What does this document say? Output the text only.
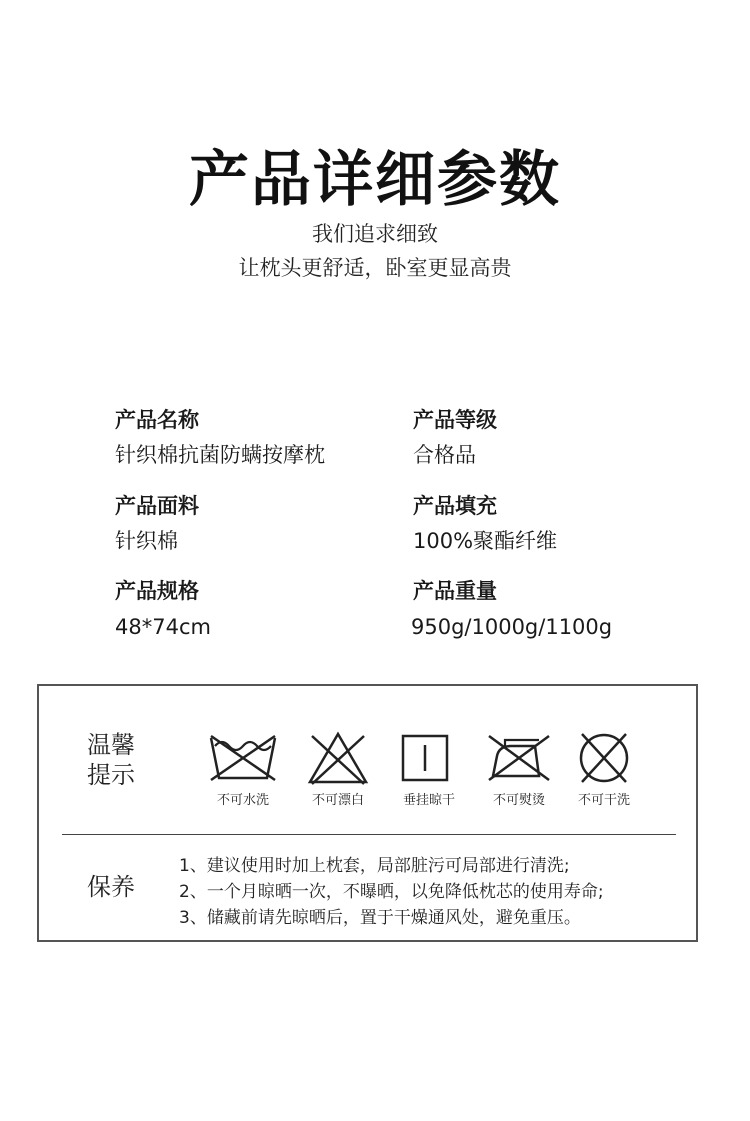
产品详细参数
我们追求细致
让枕头更舒适，卧室更显高贵
产品名称
针织棉抗菌防螨按摩枕
产品等级
合格品
产品面料
针织棉
产品填充
100%聚酯纤维
产品规格
48*74cm
产品重量
950g/1000g/1100g
温馨
提示
不可水洗	不可漂白	垂挂晾干	不可熨烫	不可干洗
保养
1、建议使用时加上枕套，局部脏污可局部进行清洗;
2、一个月晾晒一次，不曝晒，以免降低枕芯的使用寿命;
3、储藏前请先晾晒后，置于干燥通风处，避免重压。
